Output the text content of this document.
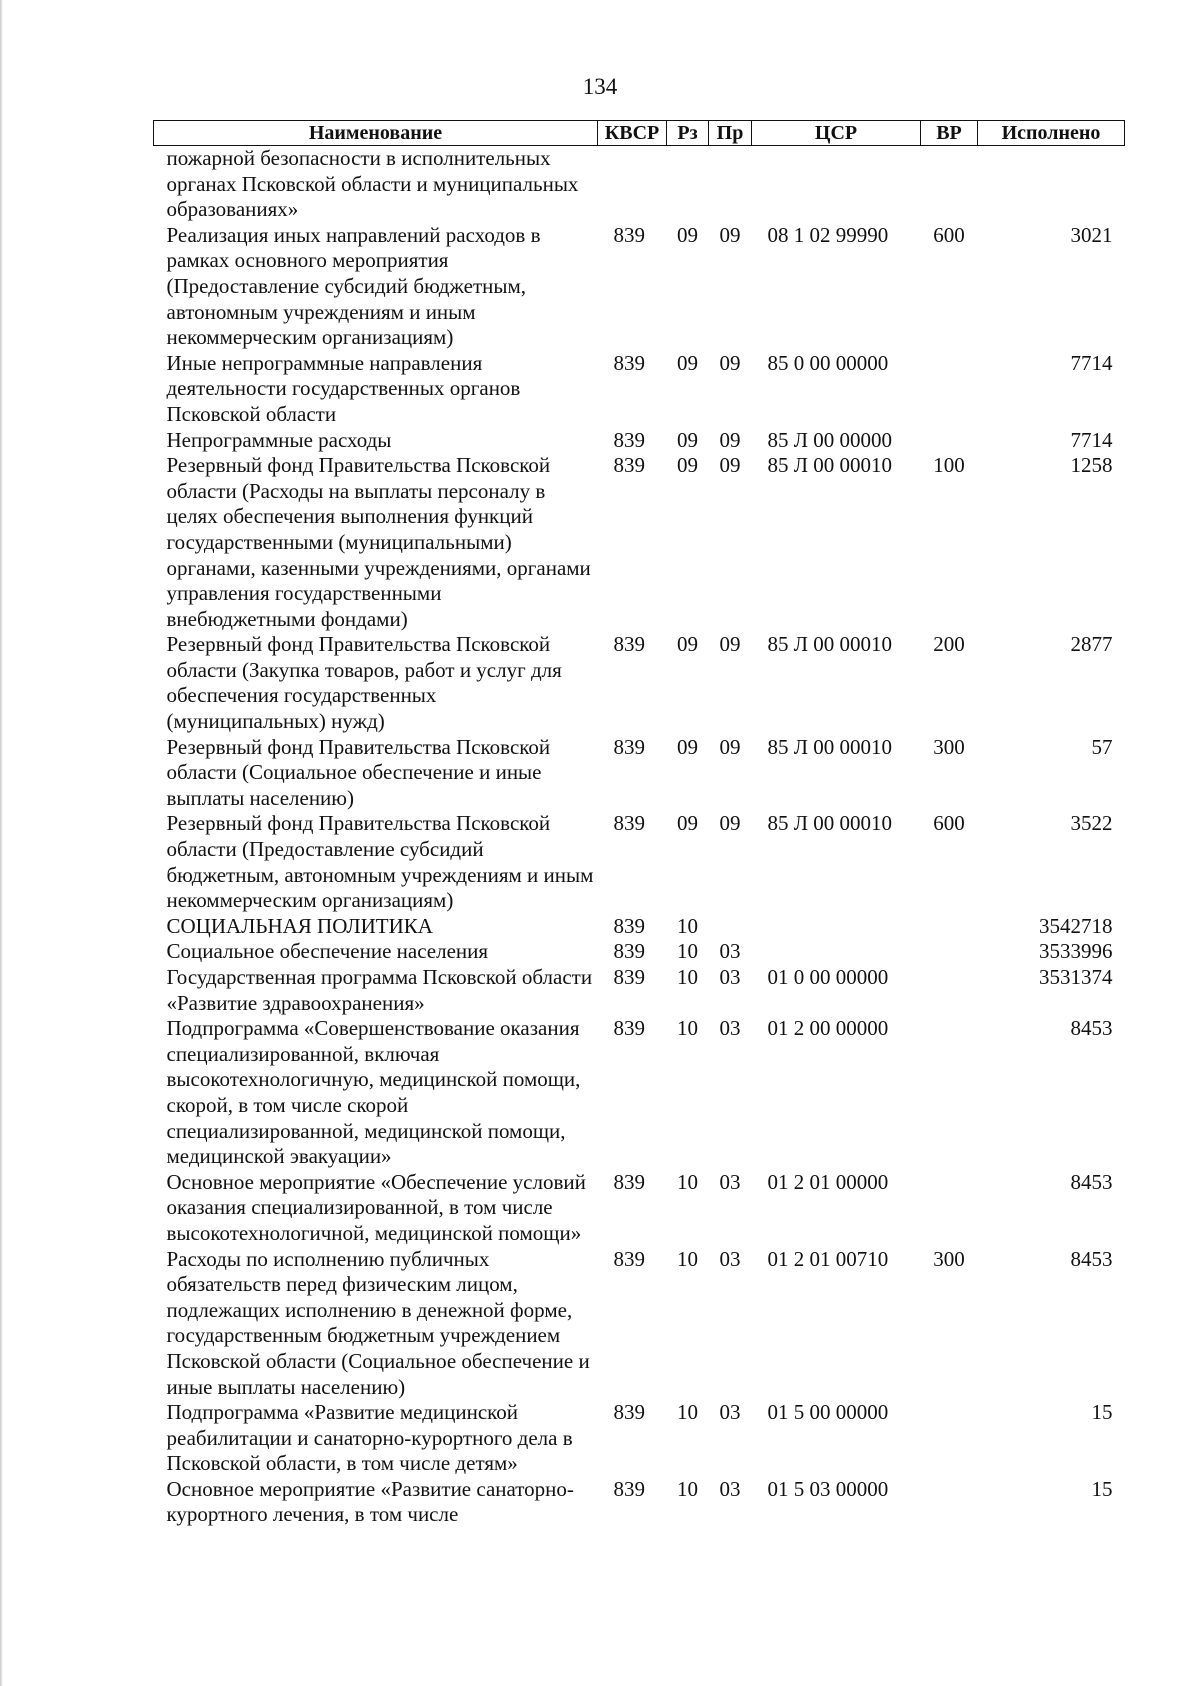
134
Наименование	КВСР	Рз	Пр	ЦСР	ВР	Исполнено
пожарной безопасности в исполнительных органах Псковской области и муниципальных образованиях»						
Реализация иных направлений расходов в рамках основного мероприятия (Предоставление субсидий бюджетным, автономным учреждениям и иным некоммерческим организациям)	839	09	09	08 1 02 99990	600	3021
Иные непрограммные направления деятельности государственных органов Псковской области	839	09	09	85 0 00 00000		7714
Непрограммные расходы	839	09	09	85 Л 00 00000		7714
Резервный фонд Правительства Псковской области (Расходы на выплаты персоналу в целях обеспечения выполнения функций государственными (муниципальными) органами, казенными учреждениями, органами управления государственными внебюджетными фондами)	839	09	09	85 Л 00 00010	100	1258
Резервный фонд Правительства Псковской области (Закупка товаров, работ и услуг для обеспечения государственных (муниципальных) нужд)	839	09	09	85 Л 00 00010	200	2877
Резервный фонд Правительства Псковской области (Социальное обеспечение и иные выплаты населению)	839	09	09	85 Л 00 00010	300	57
Резервный фонд Правительства Псковской области (Предоставление субсидий бюджетным, автономным учреждениям и иным некоммерческим организациям)	839	09	09	85 Л 00 00010	600	3522
СОЦИАЛЬНАЯ ПОЛИТИКА	839	10				3542718
Социальное обеспечение населения	839	10	03			3533996
Государственная программа Псковской области «Развитие здравоохранения»	839	10	03	01 0 00 00000		3531374
Подпрограмма «Совершенствование оказания специализированной, включая высокотехнологичную, медицинской помощи, скорой, в том числе скорой специализированной, медицинской помощи, медицинской эвакуации»	839	10	03	01 2 00 00000		8453
Основное мероприятие «Обеспечение условий оказания специализированной, в том числе высокотехнологичной, медицинской помощи»	839	10	03	01 2 01 00000		8453
Расходы по исполнению публичных обязательств перед физическим лицом, подлежащих исполнению в денежной форме, государственным бюджетным учреждением Псковской области (Социальное обеспечение и иные выплаты населению)	839	10	03	01 2 01 00710	300	8453
Подпрограмма «Развитие медицинской реабилитации и санаторно-курортного дела в Псковской области, в том числе детям»	839	10	03	01 5 00 00000		15
Основное мероприятие «Развитие санаторно-курортного лечения, в том числе	839	10	03	01 5 03 00000		15
